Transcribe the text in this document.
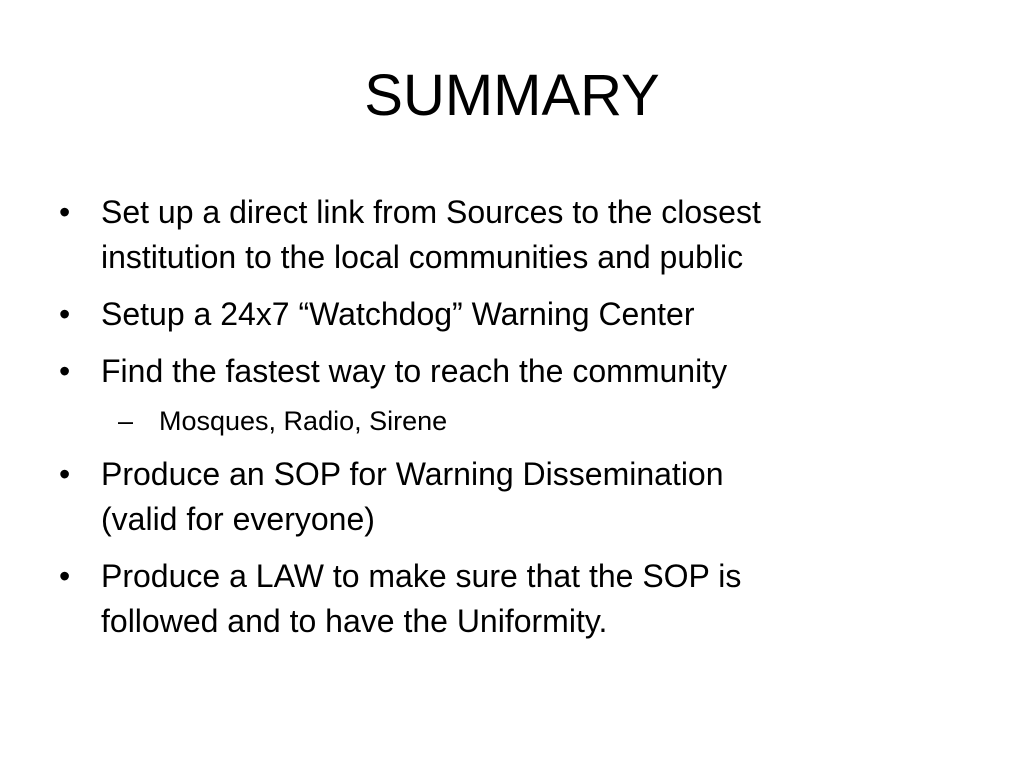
SUMMARY
• Set up a direct link from Sources to the closest
institution to the local communities and public
• Setup a 24x7 “Watchdog” Warning Center
• Find the fastest way to reach the community
– Mosques, Radio, Sirene
• Produce an SOP for Warning Dissemination
(valid for everyone)
• Produce a LAW to make sure that the SOP is
followed and to have the Uniformity.
